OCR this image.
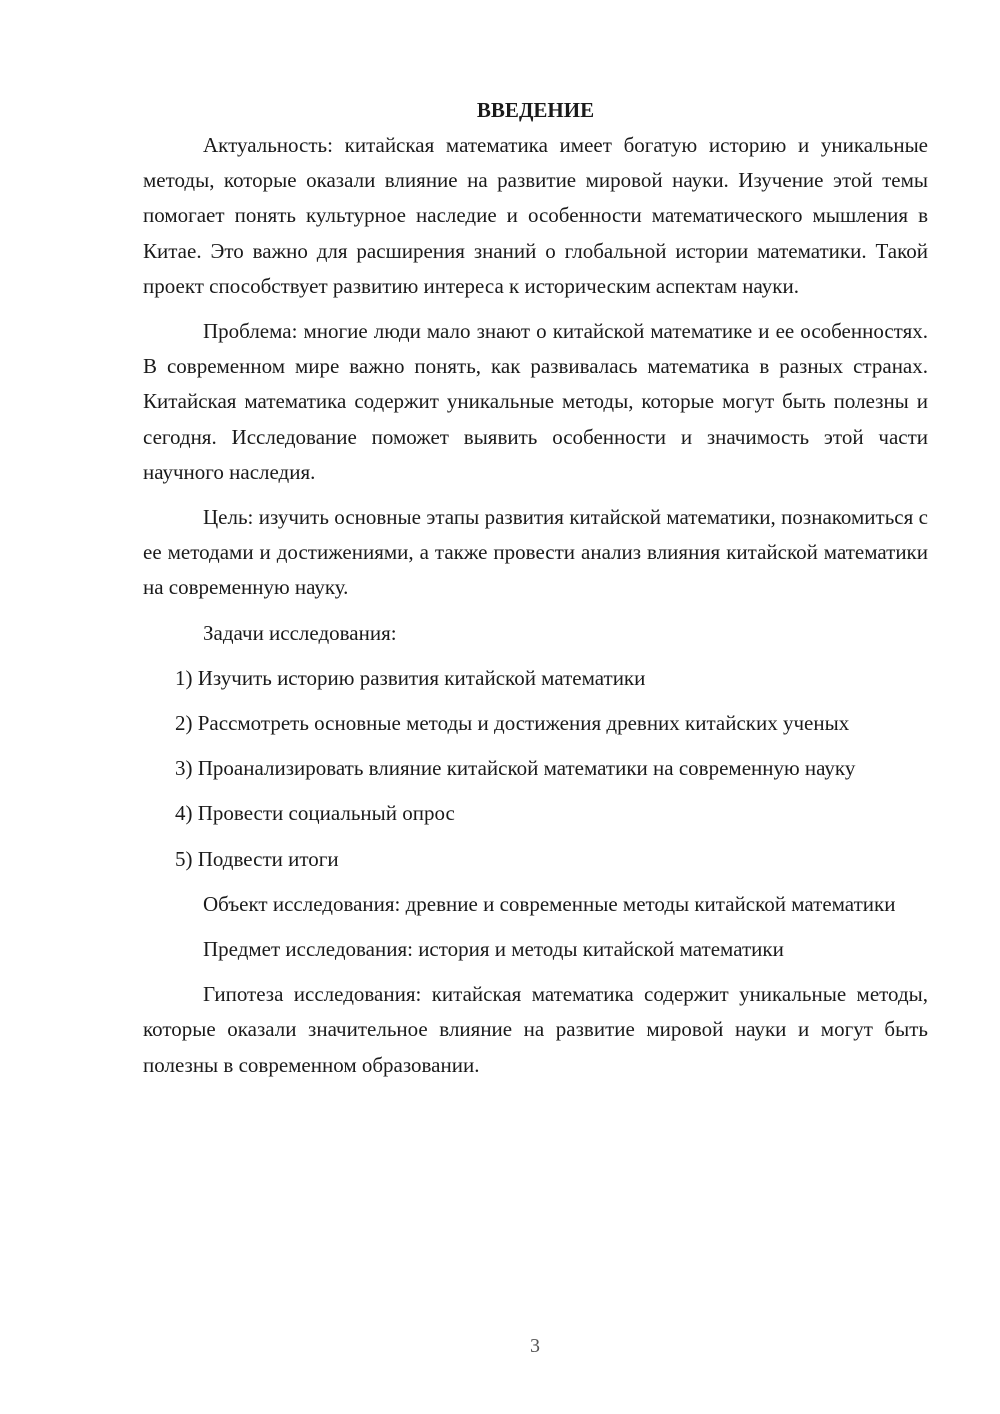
ВВЕДЕНИЕ

Актуальность: китайская математика имеет богатую историю и уникальные методы, которые оказали влияние на развитие мировой науки. Изучение этой темы помогает понять культурное наследие и особенности математического мышления в Китае. Это важно для расширения знаний о глобальной истории математики. Такой проект способствует развитию интереса к историческим аспектам науки.

Проблема: многие люди мало знают о китайской математике и ее особенностях. В современном мире важно понять, как развивалась математика в разных странах. Китайская математика содержит уникальные методы, которые могут быть полезны и сегодня. Исследование поможет выявить особенности и значимость этой части научного наследия.

Цель: изучить основные этапы развития китайской математики, познакомиться с ее методами и достижениями, а также провести анализ влияния китайской математики на современную науку.

Задачи исследования:

1) Изучить историю развития китайской математики

2) Рассмотреть основные методы и достижения древних китайских ученых

3) Проанализировать влияние китайской математики на современную науку

4) Провести социальный опрос

5) Подвести итоги

Объект исследования: древние и современные методы китайской математики

Предмет исследования: история и методы китайской математики

Гипотеза исследования: китайская математика содержит уникальные методы, которые оказали значительное влияние на развитие мировой науки и могут быть полезны в современном образовании.

3
